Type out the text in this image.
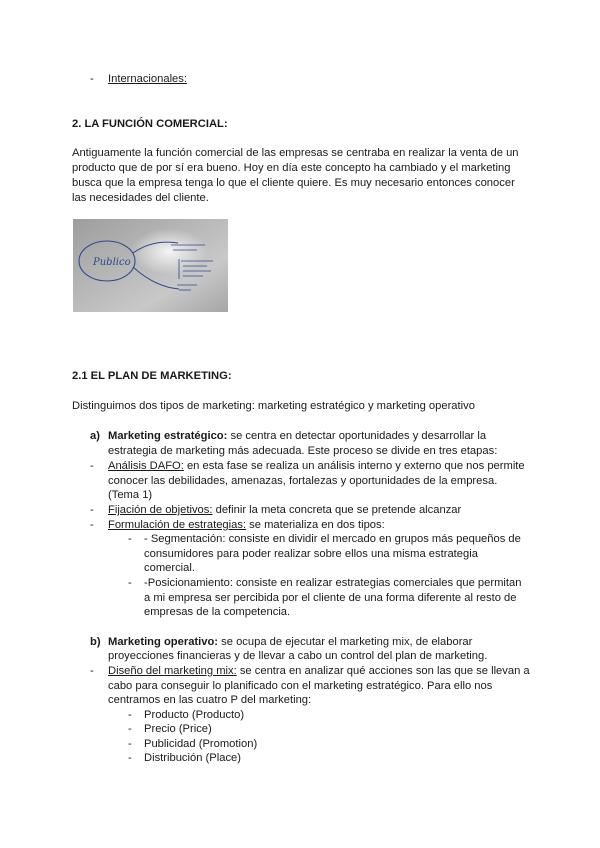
- Internacionales:
2. LA FUNCIÓN COMERCIAL:
Antiguamente la función comercial de las empresas se centraba en realizar la venta de un
producto que de por sí era bueno. Hoy en día este concepto ha cambiado y el marketing
busca que la empresa tenga lo que el cliente quiere. Es muy necesario entonces conocer
las necesidades del cliente.
Publico
2.1 EL PLAN DE MARKETING:
Distinguimos dos tipos de marketing: marketing estratégico y marketing operativo
a) Marketing estratégico: se centra en detectar oportunidades y desarrollar la
estrategia de marketing más adecuada. Este proceso se divide en tres etapas:
- Análisis DAFO: en esta fase se realiza un análisis interno y externo que nos permite
conocer las debilidades, amenazas, fortalezas y oportunidades de la empresa.
(Tema 1)
- Fijación de objetivos: definir la meta concreta que se pretende alcanzar
- Formulación de estrategias: se materializa en dos tipos:
- - Segmentación: consiste en dividir el mercado en grupos más pequeños de
consumidores para poder realizar sobre ellos una misma estrategia
comercial.
- -Posicionamiento: consiste en realizar estrategias comerciales que permitan
a mi empresa ser percibida por el cliente de una forma diferente al resto de
empresas de la competencia.
b) Marketing operativo: se ocupa de ejecutar el marketing mix, de elaborar
proyecciones financieras y de llevar a cabo un control del plan de marketing.
- Diseño del marketing mix: se centra en analizar qué acciones son las que se llevan a
cabo para conseguir lo planificado con el marketing estratégico. Para ello nos
centramos en las cuatro P del marketing:
- Producto (Producto)
- Precio (Price)
- Publicidad (Promotion)
- Distribución (Place)
